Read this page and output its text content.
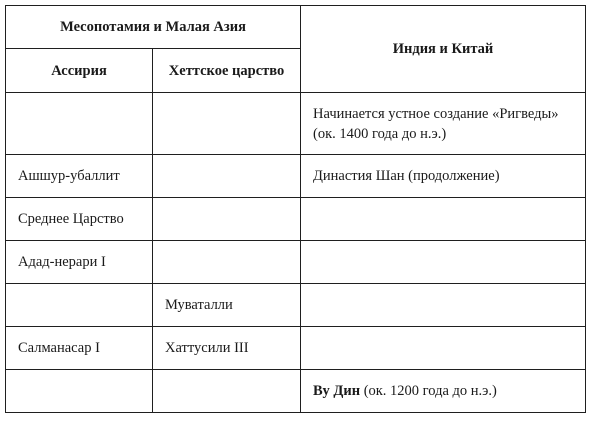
Месопотамия и Малая Азия		Индия и Китай
Ассирия	Хеттское царство	
		Начинается устное создание «Ригведы» (ок. 1400 года до н.э.)
Ашшур-убаллит		Династия Шан (продолжение)
Среднее Царство		
Адад-нерари I		
	Муваталли	
Салманасар I	Хаттусили III	
		Ву Дин (ок. 1200 года до н.э.)
